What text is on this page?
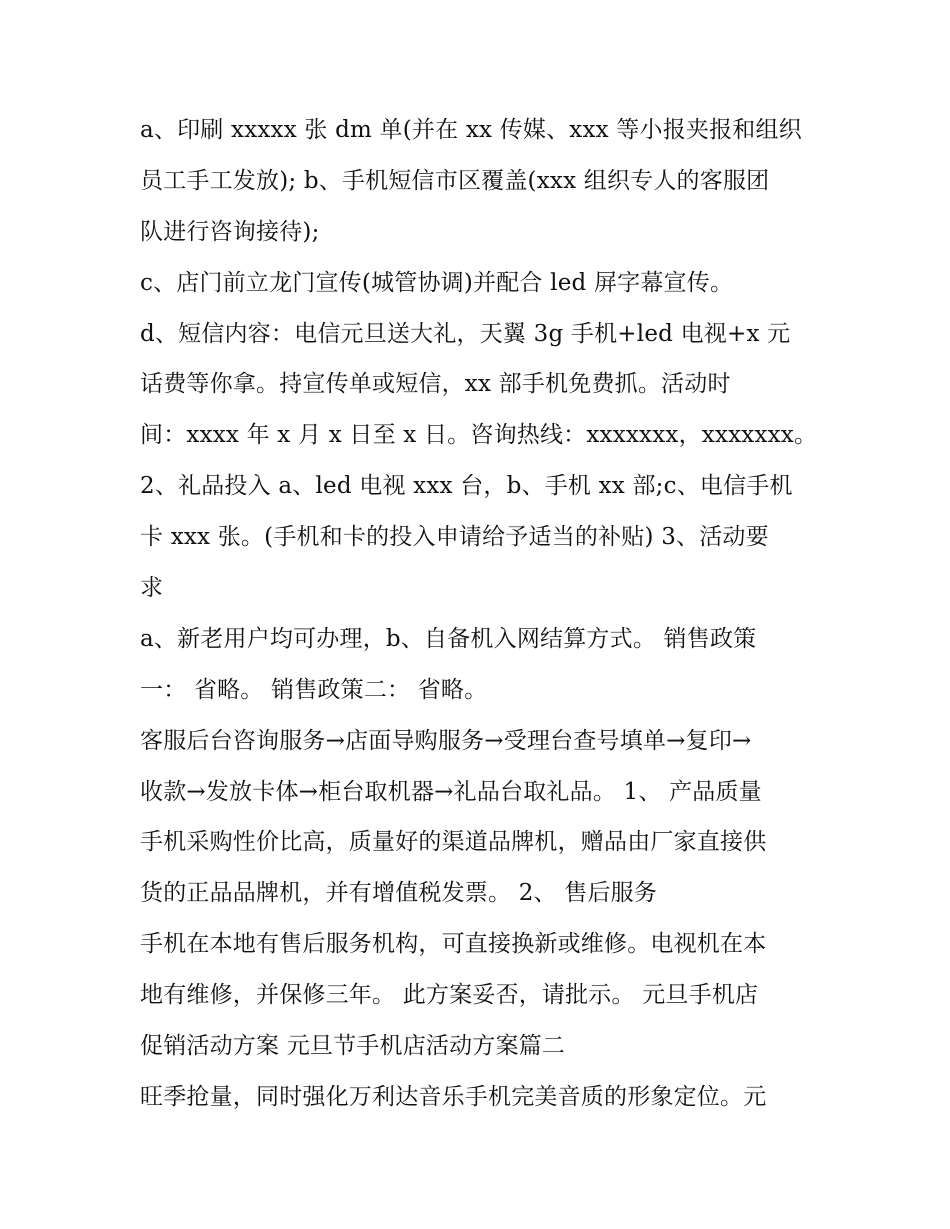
a、印刷 xxxxx 张 dm 单(并在 xx 传媒、xxx 等小报夹报和组织
员工手工发放); b、手机短信市区覆盖(xxx 组织专人的客服团
队进行咨询接待);
c、店门前立龙门宣传(城管协调)并配合 led 屏字幕宣传。
d、短信内容：电信元旦送大礼，天翼 3g 手机+led 电视+x 元
话费等你拿。持宣传单或短信，xx 部手机免费抓。活动时
间：xxxx 年 x 月 x 日至 x 日。咨询热线：xxxxxxx，xxxxxxx。
2、礼品投入 a、led 电视 xxx 台，b、手机 xx 部;c、电信手机
卡 xxx 张。(手机和卡的投入申请给予适当的补贴) 3、活动要
求
a、新老用户均可办理，b、自备机入网结算方式。 销售政策
一： 省略。 销售政策二： 省略。
客服后台咨询服务→店面导购服务→受理台查号填单→复印→
收款→发放卡体→柜台取机器→礼品台取礼品。 1、 产品质量
手机采购性价比高，质量好的渠道品牌机，赠品由厂家直接供
货的正品品牌机，并有增值税发票。 2、 售后服务
手机在本地有售后服务机构，可直接换新或维修。电视机在本
地有维修，并保修三年。 此方案妥否，请批示。 元旦手机店
促销活动方案 元旦节手机店活动方案篇二
旺季抢量，同时强化万利达音乐手机完美音质的形象定位。元
